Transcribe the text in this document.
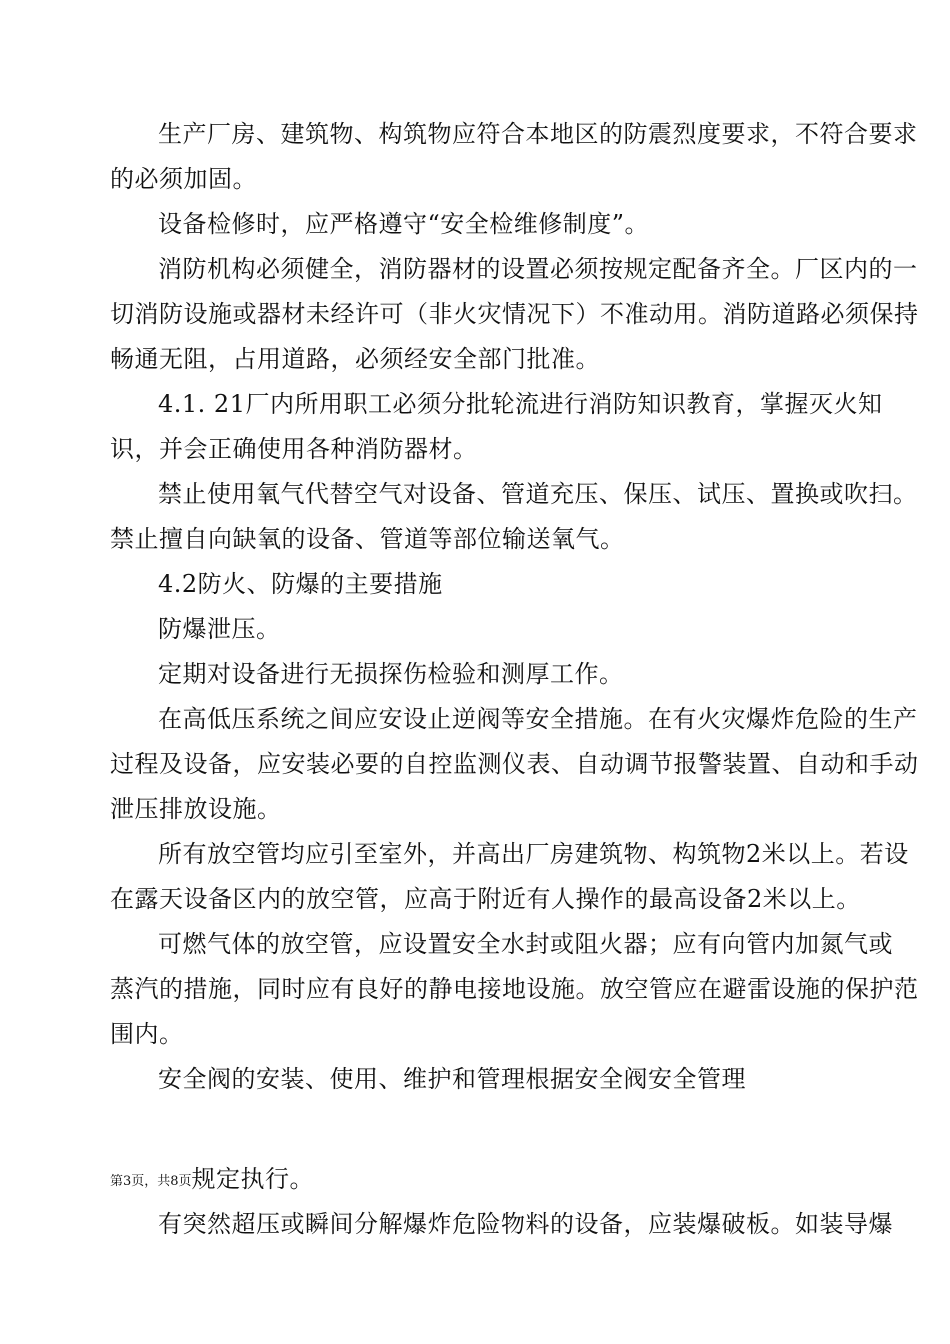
生产厂房、建筑物、构筑物应符合本地区的防震烈度要求，不符合要求
的必须加固。
设备检修时，应严格遵守“安全检维修制度”。
消防机构必须健全，消防器材的设置必须按规定配备齐全。厂区内的一
切消防设施或器材未经许可（非火灾情况下）不准动用。消防道路必须保持
畅通无阻，占用道路，必须经安全部门批准。
4.1. 21厂内所用职工必须分批轮流进行消防知识教育，掌握灭火知
识，并会正确使用各种消防器材。
禁止使用氧气代替空气对设备、管道充压、保压、试压、置换或吹扫。
禁止擅自向缺氧的设备、管道等部位输送氧气。
4.2防火、防爆的主要措施
防爆泄压。
定期对设备进行无损探伤检验和测厚工作。
在高低压系统之间应安设止逆阀等安全措施。在有火灾爆炸危险的生产
过程及设备，应安装必要的自控监测仪表、自动调节报警装置、自动和手动
泄压排放设施。
所有放空管均应引至室外，并高出厂房建筑物、构筑物2米以上。若设
在露天设备区内的放空管，应高于附近有人操作的最高设备2米以上。
可燃气体的放空管，应设置安全水封或阻火器；应有向管内加氮气或
蒸汽的措施，同时应有良好的静电接地设施。放空管应在避雷设施的保护范
围内。
安全阀的安装、使用、维护和管理根据安全阀安全管理
第3页，共8页规定执行。
有突然超压或瞬间分解爆炸危险物料的设备，应装爆破板。如装导爆
